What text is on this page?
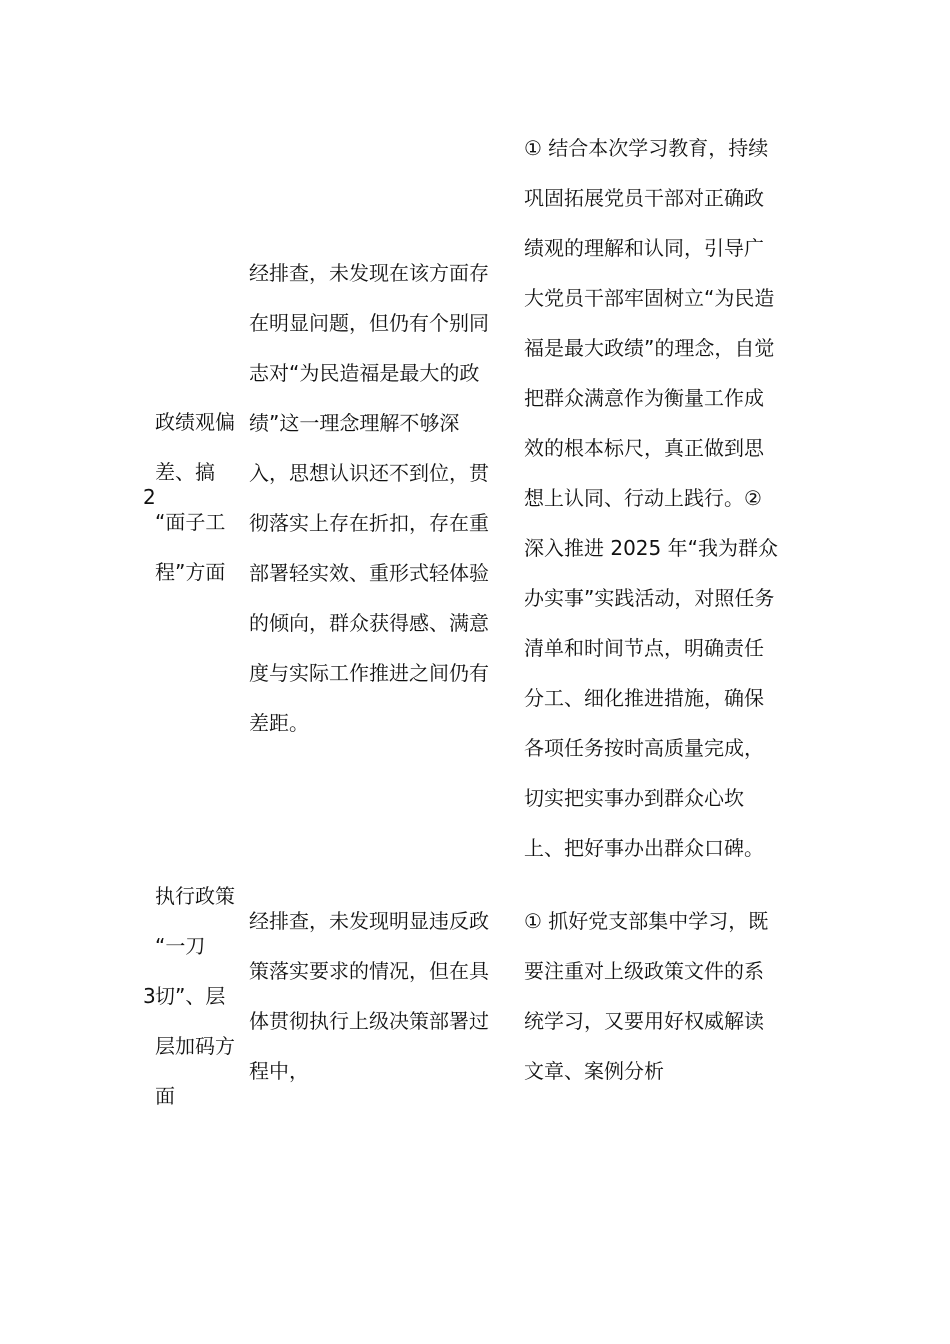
2
政绩观偏
差、搞
“面子工
程”方面
经排查，未发现在该方面存
在明显问题，但仍有个别同
志对“为民造福是最大的政
绩”这一理念理解不够深
入，思想认识还不到位，贯
彻落实上存在折扣，存在重
部署轻实效、重形式轻体验
的倾向，群众获得感、满意
度与实际工作推进之间仍有
差距。
① 结合本次学习教育，持续
巩固拓展党员干部对正确政
绩观的理解和认同，引导广
大党员干部牢固树立“为民造
福是最大政绩”的理念，自觉
把群众满意作为衡量工作成
效的根本标尺，真正做到思
想上认同、行动上践行。②
深入推进 2025 年“我为群众
办实事”实践活动，对照任务
清单和时间节点，明确责任
分工、细化推进措施，确保
各项任务按时高质量完成，
切实把实事办到群众心坎
上、把好事办出群众口碑。
3
执行政策
“一刀
切”、层
层加码方
面
经排查，未发现明显违反政
策落实要求的情况，但在具
体贯彻执行上级决策部署过
程中，
① 抓好党支部集中学习，既
要注重对上级政策文件的系
统学习，又要用好权威解读
文章、案例分析
